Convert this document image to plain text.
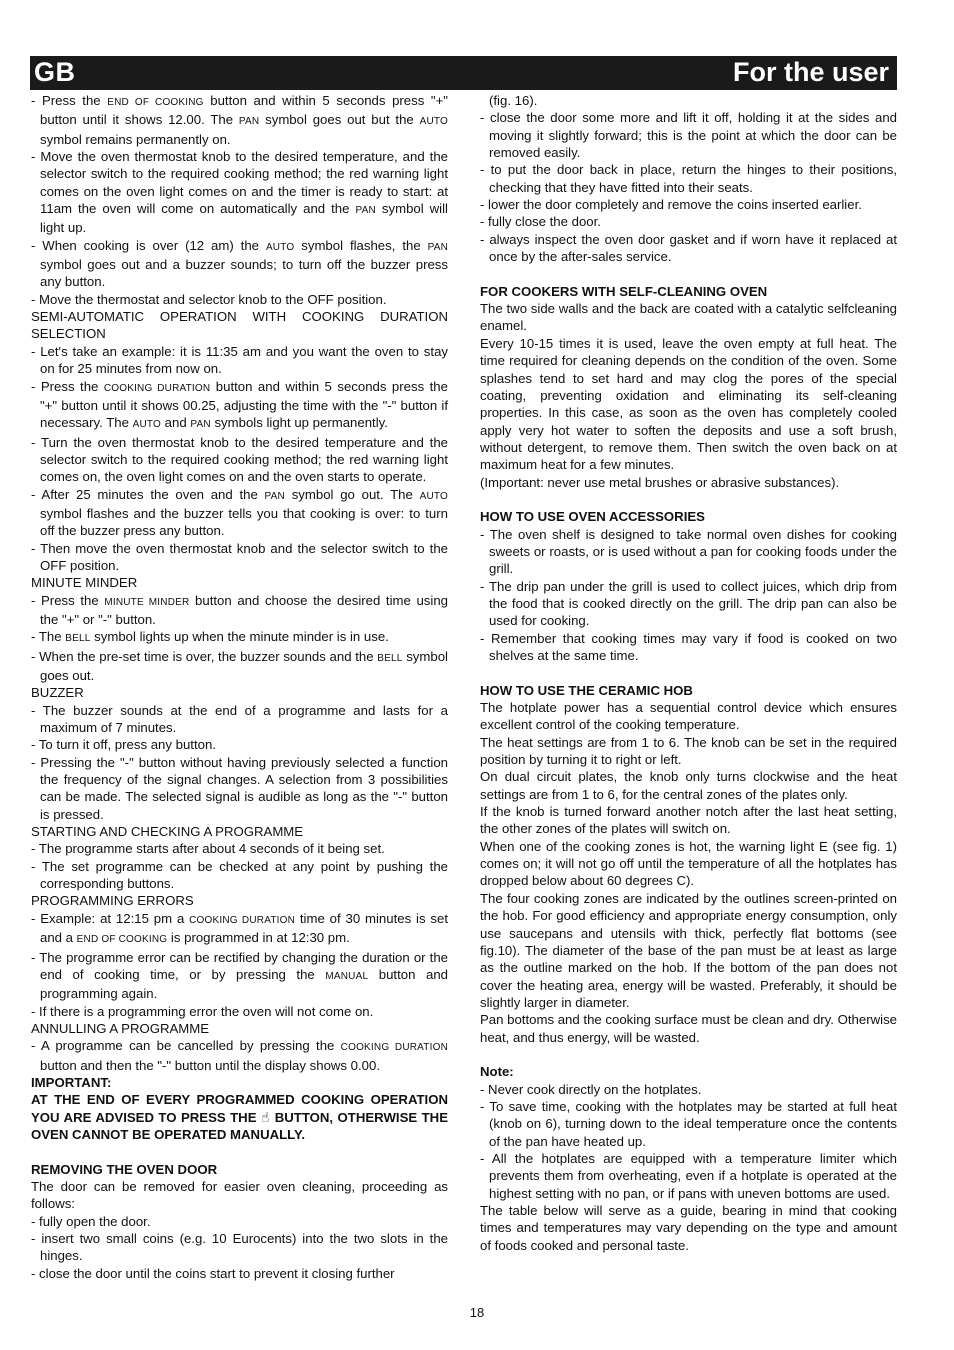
GB	For the user

- Press the END OF COOKING button and within 5 seconds press "+" button until it shows 12.00. The PAN symbol goes out but the AUTO symbol remains permanently on.

- Move the oven thermostat knob to the desired temperature, and the selector switch to the required cooking method; the red warning light comes on the oven light comes on and the timer is ready to start: at 11am the oven will come on automatically and the PAN symbol will light up.

- When cooking is over (12 am) the AUTO symbol flashes, the PAN symbol goes out and a buzzer sounds; to turn off the buzzer press any button.

- Move the thermostat and selector knob to the OFF position.

SEMI-AUTOMATIC OPERATION WITH COOKING DURATION SELECTION

- Let's take an example: it is 11:35 am and you want the oven to stay on for 25 minutes from now on.

- Press the COOKING DURATION button and within 5 seconds press the "+" button until it shows 00.25, adjusting the time with the "-" button if necessary. The AUTO and PAN symbols light up permanently.

- Turn the oven thermostat knob to the desired temperature and the selector switch to the required cooking method; the red warning light comes on, the oven light comes on and the oven starts to operate.

- After 25 minutes the oven and the PAN symbol go out. The AUTO symbol flashes and the buzzer tells you that cooking is over: to turn off the buzzer press any button.

- Then move the oven thermostat knob and the selector switch to the OFF position.

MINUTE MINDER

- Press the MINUTE MINDER button and choose the desired time using the "+" or "-" button.

- The BELL symbol lights up when the minute minder is in use.

- When the pre-set time is over, the buzzer sounds and the BELL symbol goes out.

BUZZER

- The buzzer sounds at the end of a programme and lasts for a maximum of 7 minutes.

- To turn it off, press any button.

- Pressing the "-" button without having previously selected a function the frequency of the signal changes. A selection from 3 possibilities can be made. The selected signal is audible as long as the "-" button is pressed.

STARTING AND CHECKING A PROGRAMME

- The programme starts after about 4 seconds of it being set.

- The set programme can be checked at any point by pushing the corresponding buttons.

PROGRAMMING ERRORS

- Example: at 12:15 pm a COOKING DURATION time of 30 minutes is set and a END OF COOKING is programmed in at 12:30 pm.

- The programme error can be rectified by changing the duration or the end of cooking time, or by pressing the MANUAL button and programming again.

- If there is a programming error the oven will not come on.

ANNULLING A PROGRAMME

- A programme can be cancelled by pressing the COOKING DURATION button and then the "-" button until the display shows 0.00.

IMPORTANT:

AT THE END OF EVERY PROGRAMMED COOKING OPERATION YOU ARE ADVISED TO PRESS THE ☝ BUTTON, OTHERWISE THE OVEN CANNOT BE OPERATED MANUALLY.

REMOVING THE OVEN DOOR

The door can be removed for easier oven cleaning, proceeding as follows:

- fully open the door.

- insert two small coins (e.g. 10 Eurocents) into the two slots in the hinges.

- close the door until the coins start to prevent it closing further

(fig. 16).

- close the door some more and lift it off, holding it at the sides and moving it slightly forward; this is the point at which the door can be removed easily.

- to put the door back in place, return the hinges to their positions, checking that they have fitted into their seats.

- lower the door completely and remove the coins inserted earlier.

- fully close the door.

- always inspect the oven door gasket and if worn have it replaced at once by the after-sales service.

FOR COOKERS WITH SELF-CLEANING OVEN

The two side walls and the back are coated with a catalytic selfcleaning enamel.

Every 10-15 times it is used, leave the oven empty at full heat. The time required for cleaning depends on the condition of the oven. Some splashes tend to set hard and may clog the pores of the special coating, preventing oxidation and eliminating its self-cleaning properties. In this case, as soon as the oven has completely cooled apply very hot water to soften the deposits and use a soft brush, without detergent, to remove them. Then switch the oven back on at maximum heat for a few minutes.

(Important: never use metal brushes or abrasive substances).

HOW TO USE OVEN ACCESSORIES

- The oven shelf is designed to take normal oven dishes for cooking sweets or roasts, or is used without a pan for cooking foods under the grill.

- The drip pan under the grill is used to collect juices, which drip from the food that is cooked directly on the grill. The drip pan can also be used for cooking.

- Remember that cooking times may vary if food is cooked on two shelves at the same time.

HOW TO USE THE CERAMIC HOB

The hotplate power has a sequential control device which ensures excellent control of the cooking temperature.

The heat settings are from 1 to 6. The knob can be set in the required position by turning it to right or left.

On dual circuit plates, the knob only turns clockwise and the heat settings are from 1 to 6, for the central zones of the plates only.

If the knob is turned forward another notch after the last heat setting, the other zones of the plates will switch on.

When one of the cooking zones is hot, the warning light E (see fig. 1) comes on; it will not go off until the temperature of all the hotplates has dropped below about 60 degrees C).

The four cooking zones are indicated by the outlines screen-printed on the hob. For good efficiency and appropriate energy consumption, only use saucepans and utensils with thick, perfectly flat bottoms (see fig.10). The diameter of the base of the pan must be at least as large as the outline marked on the hob. If the bottom of the pan does not cover the heating area, energy will be wasted. Preferably, it should be slightly larger in diameter.

Pan bottoms and the cooking surface must be clean and dry. Otherwise heat, and thus energy, will be wasted.

Note:

- Never cook directly on the hotplates.

- To save time, cooking with the hotplates may be started at full heat (knob on 6), turning down to the ideal temperature once the contents of the pan have heated up.

- All the hotplates are equipped with a temperature limiter which prevents them from overheating, even if a hotplate is operated at the highest setting with no pan, or if pans with uneven bottoms are used.

The table below will serve as a guide, bearing in mind that cooking times and temperatures may vary depending on the type and amount of foods cooked and personal taste.

18
